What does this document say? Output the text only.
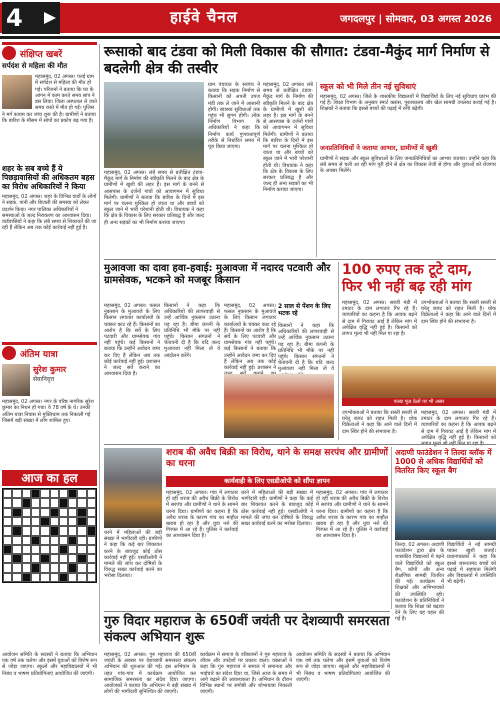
4	हाईवे चैनल	जगदलपुर | सोमवार, 03 अगस्त 2026
संक्षिप्त खबरें
सर्पदंश से महिला की मौत
महासमुंद, 02 अगस्त। पतई ग्राम में सर्पदंश से महिला की मौत हो गई। परिजनों ने बताया कि घर के आंगन में काम करते समय सांप ने डस लिया। जिला अस्पताल ले जाते समय रास्ते में मौत हो गई। पुलिस ने मर्ग कायम कर जांच शुरू की है। ग्रामीणों ने बताया कि बारिश के मौसम में सांपों का प्रकोप बढ़ गया है।
शहर के सब बच्चे हैं ये पिछड़ावासियों की अधिकतम बहस का विरोध अधिकारियों ने किया
महासमुंद, 02 अगस्त। शहर के विभिन्न वार्डों के लोगों ने सड़क, पानी और बिजली की समस्या को लेकर प्रदर्शन किया। नगर पालिका अधिकारियों ने समस्याओं के जल्द निराकरण का आश्वासन दिया। वार्डवासियों ने कहा कि लंबे समय से शिकायतें की जा रही हैं लेकिन अब तक कोई कार्रवाई नहीं हुई है।
अंतिम यात्रा
सुरेश कुमार
सेवानिवृत्त
महासमुंद, 02 अगस्त। नगर के वरिष्ठ नागरिक सुरेश कुमार का निधन हो गया। वे 78 वर्ष के थे। उनकी अंतिम यात्रा निवास से मुक्तिधाम तक निकाली गई जिसमें बड़ी संख्या में लोग शामिल हुए।
आज का हल
रूसाको बाद टंडवा को मिली विकास की सौगात: टंडवा-मैकुंद मार्ग निर्माण से बदलेगी क्षेत्र की तस्वीर
महासमुंद, 02 अगस्त। लंबे समय से प्रतीक्षित टंडवा-मैकुंद मार्ग के निर्माण की स्वीकृति मिलने के बाद क्षेत्र के ग्रामीणों में खुशी की लहर है। इस मार्ग के बनने से आसपास के दर्जनों गांवों को आवागमन में सुविधा मिलेगी। ग्रामीणों ने बताया कि बारिश के दिनों में इस मार्ग पर चलना मुश्किल हो जाता था और बच्चों को स्कूल जाने में भारी परेशानी होती थी। विधायक ने कहा कि क्षेत्र के विकास के लिए सरकार प्रतिबद्ध है और जल्द ही अन्य सड़कों का भी निर्माण कराया जाएगा।
ग्राम पंचायत के सरपंच ने बताया कि सड़क निर्माण से किसानों को अपनी उपज मंडी तक ले जाने में आसानी होगी। स्वास्थ्य सुविधाओं तक पहुंच भी सुगम होगी। लोक निर्माण विभाग के अधिकारियों ने कहा कि निर्माण कार्य गुणवत्तापूर्ण तरीके से निर्धारित समय में पूरा किया जाएगा।
महासमुंद, 02 अगस्त। लंबे समय से प्रतीक्षित टंडवा-मैकुंद मार्ग के निर्माण की स्वीकृति मिलने के बाद क्षेत्र के ग्रामीणों में खुशी की लहर है। इस मार्ग के बनने से आसपास के दर्जनों गांवों को आवागमन में सुविधा मिलेगी। ग्रामीणों ने बताया कि बारिश के दिनों में इस मार्ग पर चलना मुश्किल हो जाता था और बच्चों को स्कूल जाने में भारी परेशानी होती थी। विधायक ने कहा कि क्षेत्र के विकास के लिए सरकार प्रतिबद्ध है और जल्द ही अन्य सड़कों का भी निर्माण कराया जाएगा।
स्कूल को भी मिले तीन नई सुविधाएं
महासमुंद, 02 अगस्त। जिले के शासकीय विद्यालयों में विद्यार्थियों के लिए नई सुविधाएं प्रारंभ की गई हैं। शिक्षा विभाग के अनुसार स्मार्ट क्लास, पुस्तकालय और खेल सामग्री उपलब्ध कराई गई है। शिक्षकों ने बताया कि इससे बच्चों की पढ़ाई में रुचि बढ़ेगी।
जनप्रतिनिधियों ने जताया आभार, ग्रामीणों में खुशी
ग्रामीणों ने सड़क और स्कूल सुविधाओं के लिए जनप्रतिनिधियों का आभार जताया। उन्होंने कहा कि लंबे समय से चली आ रही मांग पूरी होने से क्षेत्र का विकास तेजी से होगा और युवाओं को रोजगार के अवसर मिलेंगे।
मुआवजा का दावा हवा-हवाई: मुआवजा में नदारद पटवारी और ग्रामसेवक, भटकने को मजबूर किसान
महासमुंद, 02 अगस्त। फसल नुकसान के मुआवजे के लिए किसान लगातार कार्यालयों के चक्कर काट रहे हैं। किसानों का आरोप है कि सर्वे के लिए पटवारी और ग्रामसेवक गांव नहीं पहुंचे। कई किसानों ने बताया कि उन्होंने आवेदन जमा कर दिए हैं लेकिन अब तक कोई कार्रवाई नहीं हुई। प्रशासन ने जल्द सर्वे कराने का आश्वासन दिया है।
किसानों ने कहा कि अधिकारियों की लापरवाही से उन्हें आर्थिक नुकसान उठाना पड़ रहा है। बीमा कंपनी के प्रतिनिधि भी मौके पर नहीं पहुंचे। किसान संगठनों ने चेतावनी दी है कि यदि जल्द मुआवजा नहीं मिला तो वे आंदोलन करेंगे।
महासमुंद, 02 अगस्त। फसल नुकसान के मुआवजे के लिए किसान लगातार कार्यालयों के चक्कर काट रहे हैं। किसानों का आरोप है कि सर्वे के लिए पटवारी और ग्रामसेवक गांव नहीं पहुंचे। कई किसानों ने बताया कि उन्होंने आवेदन जमा कर दिए हैं लेकिन अब तक कोई कार्रवाई नहीं हुई। प्रशासन ने
2 साल से पेंशन के लिए भटक रहे
किसानों ने कहा कि अधिकारियों की लापरवाही से उन्हें आर्थिक नुकसान उठाना पड़ रहा है। बीमा कंपनी के प्रतिनिधि भी मौके पर नहीं पहुंचे। किसान संगठनों ने चेतावनी दी है कि यदि जल्द मुआवजा नहीं मिला तो वे
100 रुपए तक टूटे दाम, फिर भी नहीं बढ़ रही मांग
महासमुंद, 02 अगस्त। सब्जी मंडी में टमाटर के दाम लगातार गिर रहे हैं। व्यापारियों का कहना है कि आवक बढ़ने से दाम में गिरावट आई है लेकिन मांग में अपेक्षित वृद्धि नहीं हुई है। किसानों को लागत मूल्य भी नहीं मिल पा रहा है।
उपभोक्ताओं ने बताया कि सस्ती सब्जी से घरेलू बजट को राहत मिली है। थोक विक्रेताओं ने कहा कि आने वाले दिनों में दाम स्थिर होने की संभावना है।
फास्ट फूड ठेलों पर भी असर
उपभोक्ताओं ने बताया कि सस्ती सब्जी से घरेलू बजट को राहत मिली है। थोक विक्रेताओं ने कहा कि आने वाले दिनों में दाम स्थिर होने की संभावना है।
महासमुंद, 02 अगस्त। सब्जी मंडी में टमाटर के दाम लगातार गिर रहे हैं। व्यापारियों का कहना है कि आवक बढ़ने से दाम में गिरावट आई है लेकिन मांग में अपेक्षित वृद्धि नहीं हुई है। किसानों को
शराब की अवैध बिक्री का विरोध, थाने के समक्ष सरपंच और ग्रामीणों का धरना
कार्यवाही के लिए एसडीओपी को सौंपा ज्ञापन
महासमुंद, 02 अगस्त। गांव में लगातार हो रही शराब की अवैध बिक्री के विरोध में सरपंच और ग्रामीणों ने थाने के सामने धरना दिया। ग्रामीणों का कहना है कि अवैध शराब के कारण गांव का माहौल खराब हो रहा है और युवा नशे की गिरफ्त में आ रहे हैं। पुलिस ने कार्रवाई का आश्वासन दिया है।
धरने में महिलाओं की बड़ी संख्या में भागीदारी रही। ग्रामीणों ने कहा कि कई बार शिकायत करने के बावजूद कोई ठोस कार्रवाई नहीं हुई। एसडीओपी ने मामले की जांच कर दोषियों के विरुद्ध सख्त कार्रवाई करने का भरोसा दिलाया।
महासमुंद, 02 अगस्त। गांव में लगातार हो रही शराब की अवैध बिक्री के विरोध में सरपंच और ग्रामीणों ने थाने के सामने धरना दिया। ग्रामीणों का कहना है कि अवैध शराब के कारण गांव का माहौल खराब हो रहा है और युवा नशे की गिरफ्त में आ रहे हैं। पुलिस ने कार्रवाई का आश्वासन दिया है।
धरने में महिलाओं की बड़ी संख्या में भागीदारी रही। ग्रामीणों ने कहा कि कई बार शिकायत करने के बावजूद कोई ठोस कार्रवाई नहीं हुई। एसडीओपी ने मामले की जांच कर दोषियों के विरुद्ध सख्त कार्रवाई करने का भरोसा दिलाया।
अदाणी फाउंडेशन ने तिल्दा ब्लॉक में 1000 से अधिक विद्यार्थियों को वितरित किए स्कूल बैग
तिल्दा, 02 अगस्त। अदाणी फाउंडेशन द्वारा क्षेत्र के शासकीय विद्यालयों में पढ़ने वाले विद्यार्थियों को स्कूल बैग, कॉपी और अन्य शैक्षणिक सामग्री वितरित की गई। कार्यक्रम में शिक्षकों और अभिभावकों की उपस्थिति रही। फाउंडेशन के प्रतिनिधियों ने बताया कि शिक्षा को बढ़ावा देने के लिए यह पहल की गई है।
विद्यार्थियों ने नई सामग्री पाकर खुशी जताई। प्रधानपाठकों ने कहा कि इससे जरूरतमंद बच्चों को पढ़ाई में सहायता मिलेगी और विद्यालयों में उपस्थिति भी बढ़ेगी।
गुरु विदार महाराज के 650वीं जयंती पर देशव्यापी समरसता संकल्प अभियान शुरू
आयोजन समिति के सदस्यों ने बताया कि अभियान एक वर्ष तक चलेगा और इसमें युवाओं को विशेष रूप से जोड़ा जाएगा। स्कूलों और महाविद्यालयों में भी निबंध व भाषण प्रतियोगिताएं आयोजित की जाएंगी।
महासमुंद, 02 अगस्त। गुरु महाराज की 650वीं जयंती के अवसर पर देशव्यापी समरसता संकल्प अभियान की शुरुआत की गई। इस अभियान के तहत गांव-गांव में कार्यक्रम आयोजित कर सामाजिक समरसता का संदेश दिया जाएगा। आयोजकों ने बताया कि अभियान में बड़ी संख्या में लोगों की भागीदारी सुनिश्चित की जाएगी।
कार्यक्रम में समाज के वरिष्ठजनों ने गुरु महाराज के जीवन और उपदेशों पर प्रकाश डाला। वक्ताओं ने कहा कि गुरु महाराज ने समाज में समानता और भाईचारे का संदेश दिया था, जिसे आज के समय में आगे बढ़ाने की आवश्यकता है। अभियान के दौरान विभिन्न स्थानों पर संगोष्ठी और शोभायात्रा निकाली जाएगी।
आयोजन समिति के सदस्यों ने बताया कि अभियान एक वर्ष तक चलेगा और इसमें युवाओं को विशेष रूप से जोड़ा जाएगा। स्कूलों और महाविद्यालयों में भी निबंध व भाषण प्रतियोगिताएं आयोजित की जाएंगी।
